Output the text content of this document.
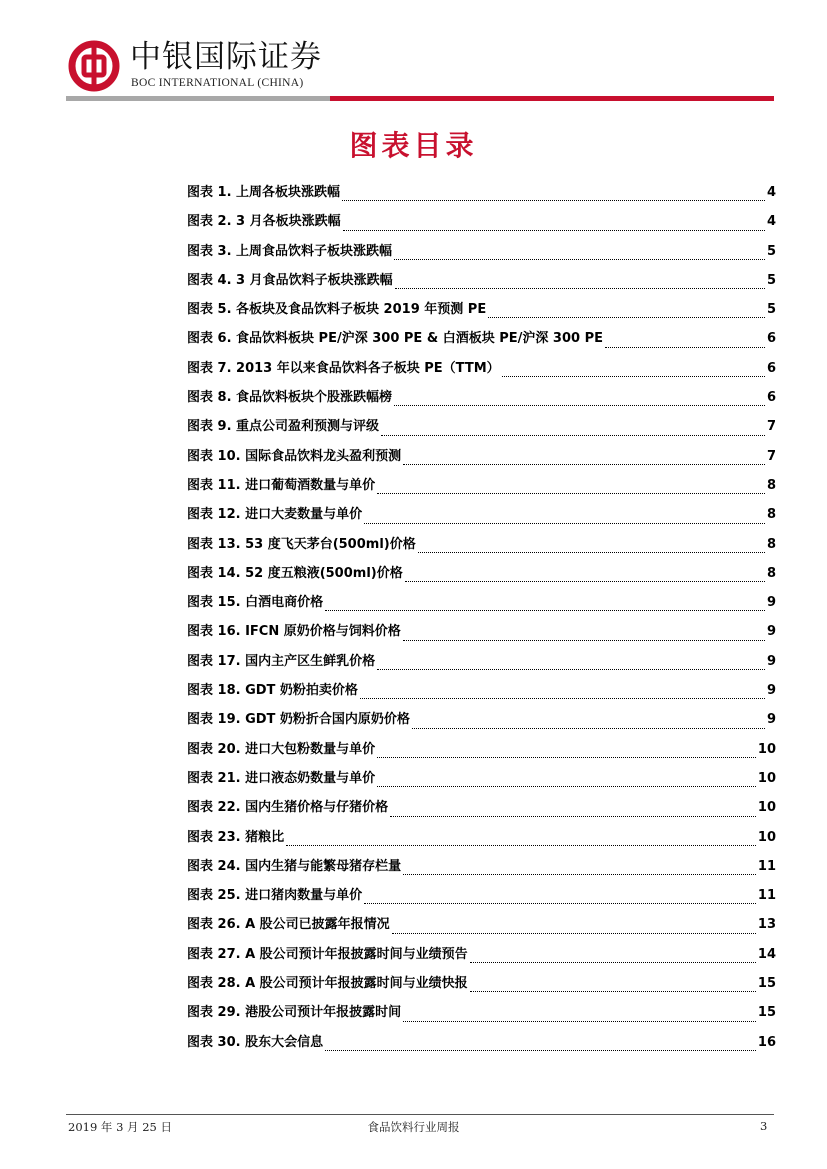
中银国际证券
BOC INTERNATIONAL (CHINA)
图表目录
图表 1. 上周各板块涨跌幅	4
图表 2. 3 月各板块涨跌幅	4
图表 3. 上周食品饮料子板块涨跌幅	5
图表 4. 3 月食品饮料子板块涨跌幅	5
图表 5. 各板块及食品饮料子板块 2019 年预测 PE	5
图表 6. 食品饮料板块 PE/沪深 300 PE & 白酒板块 PE/沪深 300 PE	6
图表 7. 2013 年以来食品饮料各子板块 PE（TTM）	6
图表 8. 食品饮料板块个股涨跌幅榜	6
图表 9. 重点公司盈利预测与评级	7
图表 10. 国际食品饮料龙头盈利预测	7
图表 11. 进口葡萄酒数量与单价	8
图表 12. 进口大麦数量与单价	8
图表 13. 53 度飞天茅台(500ml)价格	8
图表 14. 52 度五粮液(500ml)价格	8
图表 15. 白酒电商价格	9
图表 16. IFCN 原奶价格与饲料价格	9
图表 17. 国内主产区生鲜乳价格	9
图表 18. GDT 奶粉拍卖价格	9
图表 19. GDT 奶粉折合国内原奶价格	9
图表 20. 进口大包粉数量与单价	10
图表 21. 进口液态奶数量与单价	10
图表 22. 国内生猪价格与仔猪价格	10
图表 23. 猪粮比	10
图表 24. 国内生猪与能繁母猪存栏量	11
图表 25. 进口猪肉数量与单价	11
图表 26. A 股公司已披露年报情况	13
图表 27. A 股公司预计年报披露时间与业绩预告	14
图表 28. A 股公司预计年报披露时间与业绩快报	15
图表 29. 港股公司预计年报披露时间	15
图表 30. 股东大会信息	16
2019 年 3 月 25 日	食品饮料行业周报	3
